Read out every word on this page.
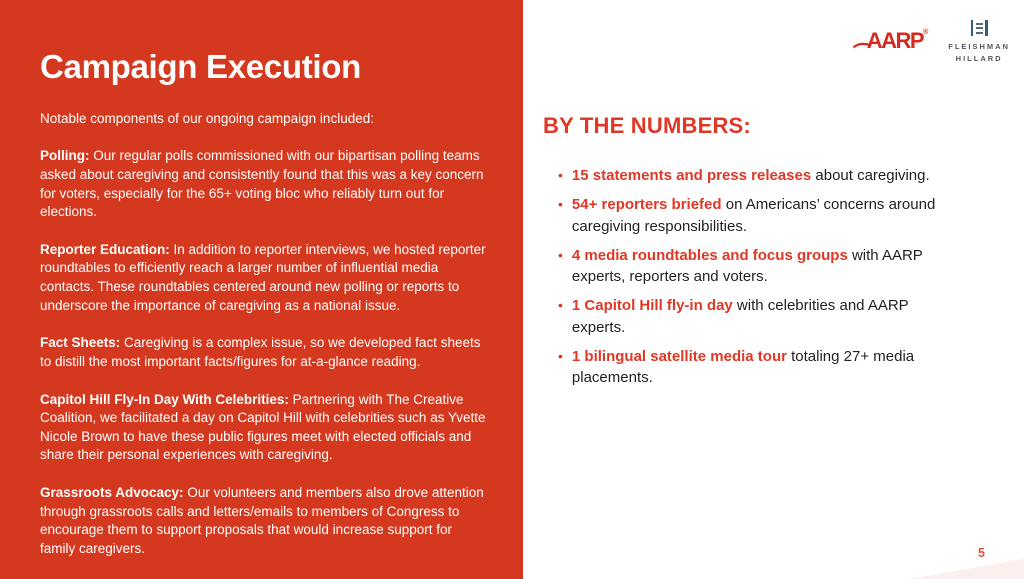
Campaign Execution
Notable components of our ongoing campaign included:
Polling: Our regular polls commissioned with our bipartisan polling teams asked about caregiving and consistently found that this was a key concern for voters, especially for the 65+ voting bloc who reliably turn out for elections.
Reporter Education: In addition to reporter interviews, we hosted reporter roundtables to efficiently reach a larger number of influential media contacts. These roundtables centered around new polling or reports to underscore the importance of caregiving as a national issue.
Fact Sheets: Caregiving is a complex issue, so we developed fact sheets to distill the most important facts/figures for at-a-glance reading.
Capitol Hill Fly-In Day With Celebrities: Partnering with The Creative Coalition, we facilitated a day on Capitol Hill with celebrities such as Yvette Nicole Brown to have these public figures meet with elected officials and share their personal experiences with caregiving.
Grassroots Advocacy: Our volunteers and members also drove attention through grassroots calls and letters/emails to members of Congress to encourage them to support proposals that would increase support for family caregivers.
BY THE NUMBERS:
• 15 statements and press releases about caregiving.
• 54+ reporters briefed on Americans’ concerns around caregiving responsibilities.
• 4 media roundtables and focus groups with AARP experts, reporters and voters.
• 1 Capitol Hill fly-in day with celebrities and AARP experts.
• 1 bilingual satellite media tour totaling 27+ media placements.
AARP ®
FLEISHMAN
HILLARD
5
